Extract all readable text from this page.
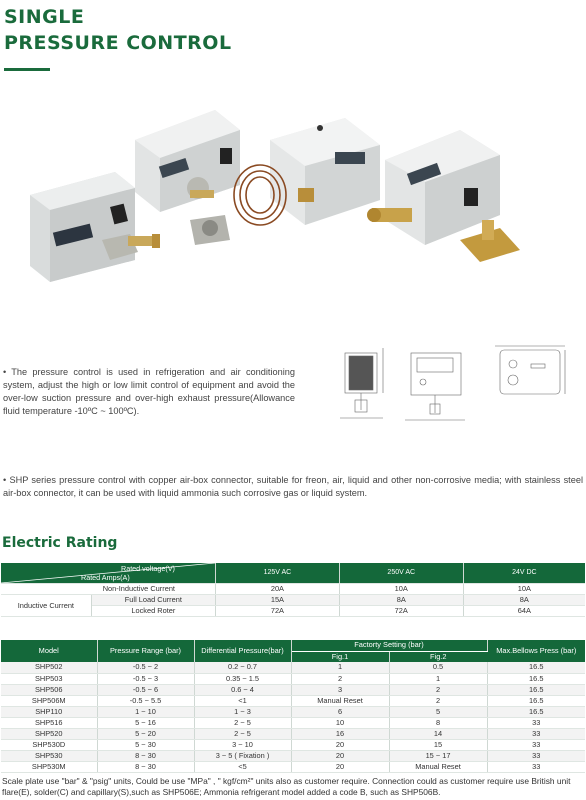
SINGLE
PRESSURE CONTROL
• The pressure control is used in refrigeration and air conditioning system, adjust the high or low limit control of equipment and avoid the over-low suction pressure and over-high exhaust pressure(Allowance fluid temperature -10ºC ~ 100ºC).
• SHP series pressure control with copper air-box connector, suitable for freon, air, liquid and other non-corrosive media; with stainless steel air-box connector, it can be used with liquid ammonia such corrosive gas or liquid system.
Electric Rating
Rated voltage(V)
Rated Amps(A)		125V AC	250V AC	24V DC
Non-Inductive Current		20A	10A	10A
Inductive Current	Full Load Current	15A	8A	8A
	Locked Roter	72A	72A	64A
Model	Pressure Range (bar)	Differential Pressure(bar)	Factorty Setting (bar)		Max.Bellows Press (bar)
			Fig.1	Fig.2	
SHP502	-0.5 ~ 2	0.2 ~ 0.7	1	0.5	16.5
SHP503	-0.5 ~ 3	0.35 ~ 1.5	2	1	16.5
SHP506	-0.5 ~ 6	0.6 ~ 4	3	2	16.5
SHP506M	-0.5 ~ 5.5	<1	Manual Reset	2	16.5
SHP110	1 ~ 10	1 ~ 3	6	5	16.5
SHP516	5 ~ 16	2 ~ 5	10	8	33
SHP520	5 ~ 20	2 ~ 5	16	14	33
SHP530D	5 ~ 30	3 ~ 10	20	15	33
SHP530	8 ~ 30	3 ~ 5 ( Fixation )	20	15 ~ 17	33
SHP530M	8 ~ 30	<5	20	Manual Reset	33
Scale plate use "bar" & "psig" units, Could be use "MPa" , " kgf/cm²" units also as customer require. Connection could as customer require use British unit flare(E), solder(C) and capillary(S),such as SHP506E; Ammonia refrigerant model added a code B, such as SHP506B.
